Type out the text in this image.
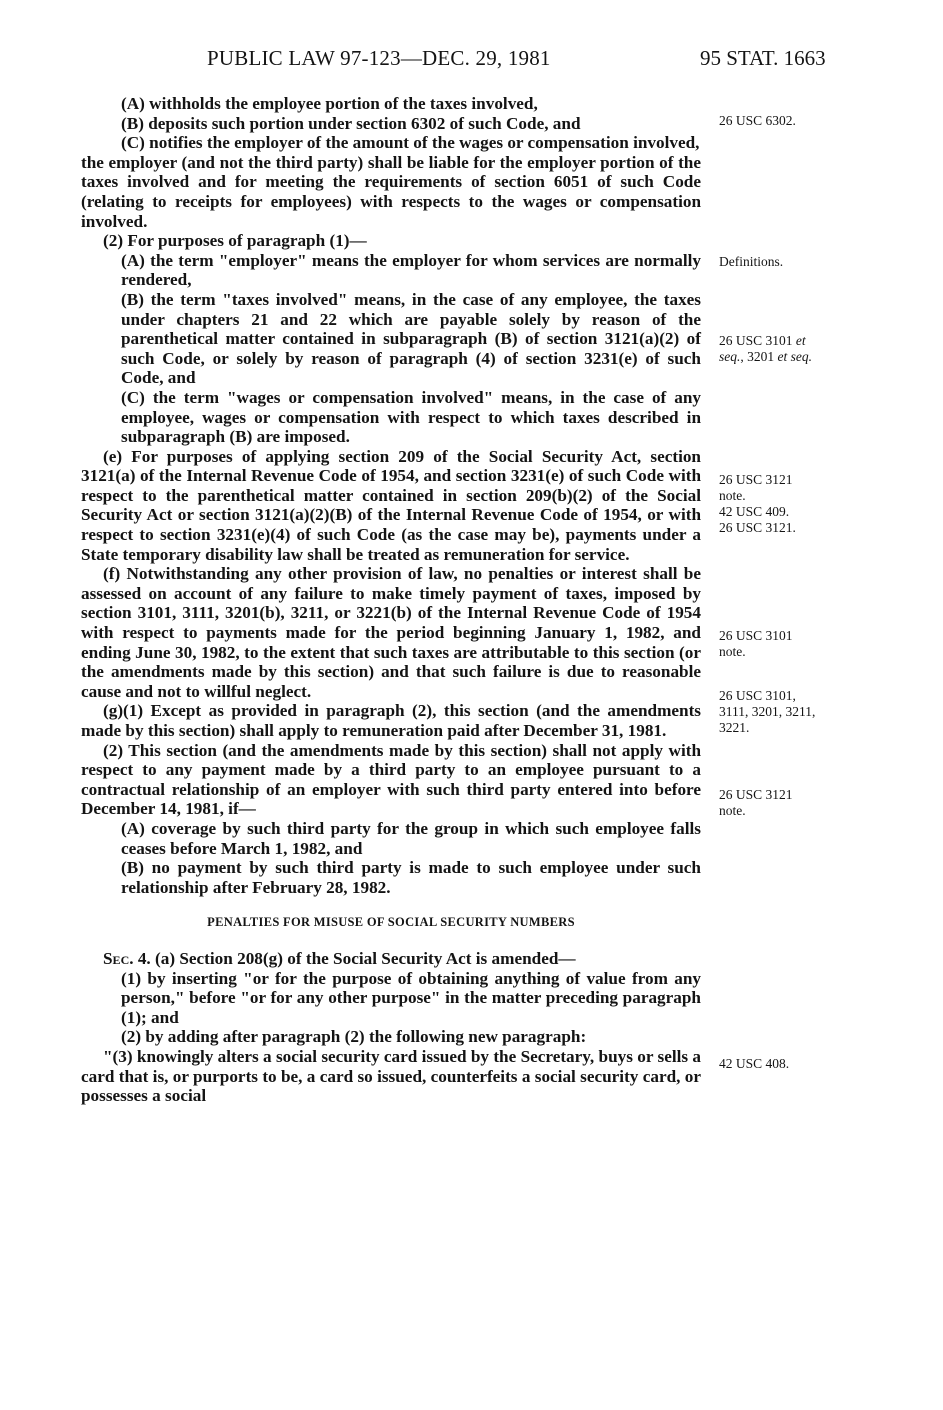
PUBLIC LAW 97-123—DEC. 29, 1981	95 STAT. 1663

(A) withholds the employee portion of the taxes involved,

(B) deposits such portion under section 6302 of such Code, and

(C) notifies the employer of the amount of the wages or compensation involved,

the employer (and not the third party) shall be liable for the employer portion of the taxes involved and for meeting the requirements of section 6051 of such Code (relating to receipts for employees) with respects to the wages or compensation involved.

(2) For purposes of paragraph (1)—

(A) the term "employer" means the employer for whom services are normally rendered,

(B) the term "taxes involved" means, in the case of any employee, the taxes under chapters 21 and 22 which are payable solely by reason of the parenthetical matter contained in subparagraph (B) of section 3121(a)(2) of such Code, or solely by reason of paragraph (4) of section 3231(e) of such Code, and

(C) the term "wages or compensation involved" means, in the case of any employee, wages or compensation with respect to which taxes described in subparagraph (B) are imposed.

(e) For purposes of applying section 209 of the Social Security Act, section 3121(a) of the Internal Revenue Code of 1954, and section 3231(e) of such Code with respect to the parenthetical matter contained in section 209(b)(2) of the Social Security Act or section 3121(a)(2)(B) of the Internal Revenue Code of 1954, or with respect to section 3231(e)(4) of such Code (as the case may be), payments under a State temporary disability law shall be treated as remuneration for service.

(f) Notwithstanding any other provision of law, no penalties or interest shall be assessed on account of any failure to make timely payment of taxes, imposed by section 3101, 3111, 3201(b), 3211, or 3221(b) of the Internal Revenue Code of 1954 with respect to payments made for the period beginning January 1, 1982, and ending June 30, 1982, to the extent that such taxes are attributable to this section (or the amendments made by this section) and that such failure is due to reasonable cause and not to willful neglect.

(g)(1) Except as provided in paragraph (2), this section (and the amendments made by this section) shall apply to remuneration paid after December 31, 1981.

(2) This section (and the amendments made by this section) shall not apply with respect to any payment made by a third party to an employee pursuant to a contractual relationship of an employer with such third party entered into before December 14, 1981, if—

(A) coverage by such third party for the group in which such employee falls ceases before March 1, 1982, and

(B) no payment by such third party is made to such employee under such relationship after February 28, 1982.

PENALTIES FOR MISUSE OF SOCIAL SECURITY NUMBERS

Sec. 4. (a) Section 208(g) of the Social Security Act is amended—

(1) by inserting "or for the purpose of obtaining anything of value from any person," before "or for any other purpose" in the matter preceding paragraph (1); and

(2) by adding after paragraph (2) the following new paragraph:

"(3) knowingly alters a social security card issued by the Secretary, buys or sells a card that is, or purports to be, a card so issued, counterfeits a social security card, or possesses a social

26 USC 6302.
Definitions.
26 USC 3101 et
seq., 3201 et seq.
26 USC 3121
note.
42 USC 409.
26 USC 3121.
26 USC 3101
note.
26 USC 3101,
3111, 3201, 3211,
3221.
26 USC 3121
note.
42 USC 408.
